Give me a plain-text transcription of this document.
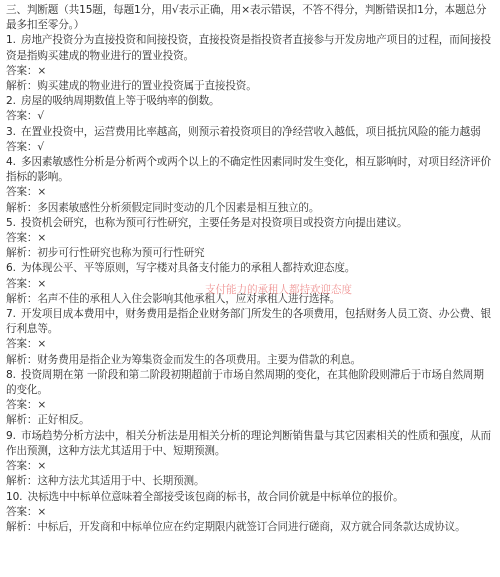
三、判断题（共15题，每题1分，用√表示正确，用×表示错误，不答不得分，判断错误扣1分，本题总分最多扣至零分。）
1. 房地产投资分为直接投资和间接投资，直接投资是指投资者直接参与开发房地产项目的过程，而间接投资是指购买建成的物业进行的置业投资。
答案：×
解析：购买建成的物业进行的置业投资属于直接投资。
2. 房屋的吸纳周期数值上等于吸纳率的倒数。
答案：√
3. 在置业投资中，运营费用比率越高，则预示着投资项目的净经营收入越低，项目抵抗风险的能力越弱
答案：√
4. 多因素敏感性分析是分析两个或两个以上的不确定性因素同时发生变化，相互影响时，对项目经济评价指标的影响。
答案：×
解析：多因素敏感性分析须假定同时变动的几个因素是相互独立的。
5. 投资机会研究，也称为预可行性研究，主要任务是对投资项目或投资方向提出建议。
答案：×
解析：初步可行性研究也称为预可行性研究
6. 为体现公平、平等原则，写字楼对具备支付能力的承租人都持欢迎态度。
答案：×
解析：名声不佳的承租人入住会影响其他承租人，应对承租人进行选择。
7. 开发项目成本费用中，财务费用是指企业财务部门所发生的各项费用，包括财务人员工资、办公费、银行利息等。
答案：×
解析：财务费用是指企业为筹集资金而发生的各项费用。主要为借款的利息。
8. 投资周期在第 一阶段和第二阶段初期超前于市场自然周期的变化，在其他阶段则滞后于市场自然周期的变化。
答案：×
解析：正好相反。
9. 市场趋势分析方法中，相关分析法是用相关分析的理论判断销售量与其它因素相关的性质和强度，从而作出预测，这种方法尤其适用于中、短期预测。
答案：×
解析：这种方法尤其适用于中、长期预测。
10. 决标选中中标单位意味着全部接受该包商的标书，故合同价就是中标单位的报价。
答案：×
解析：中标后，开发商和中标单位应在约定期限内就签订合同进行磋商，双方就合同条款达成协议。
支付能力的承租人都持欢迎态度
